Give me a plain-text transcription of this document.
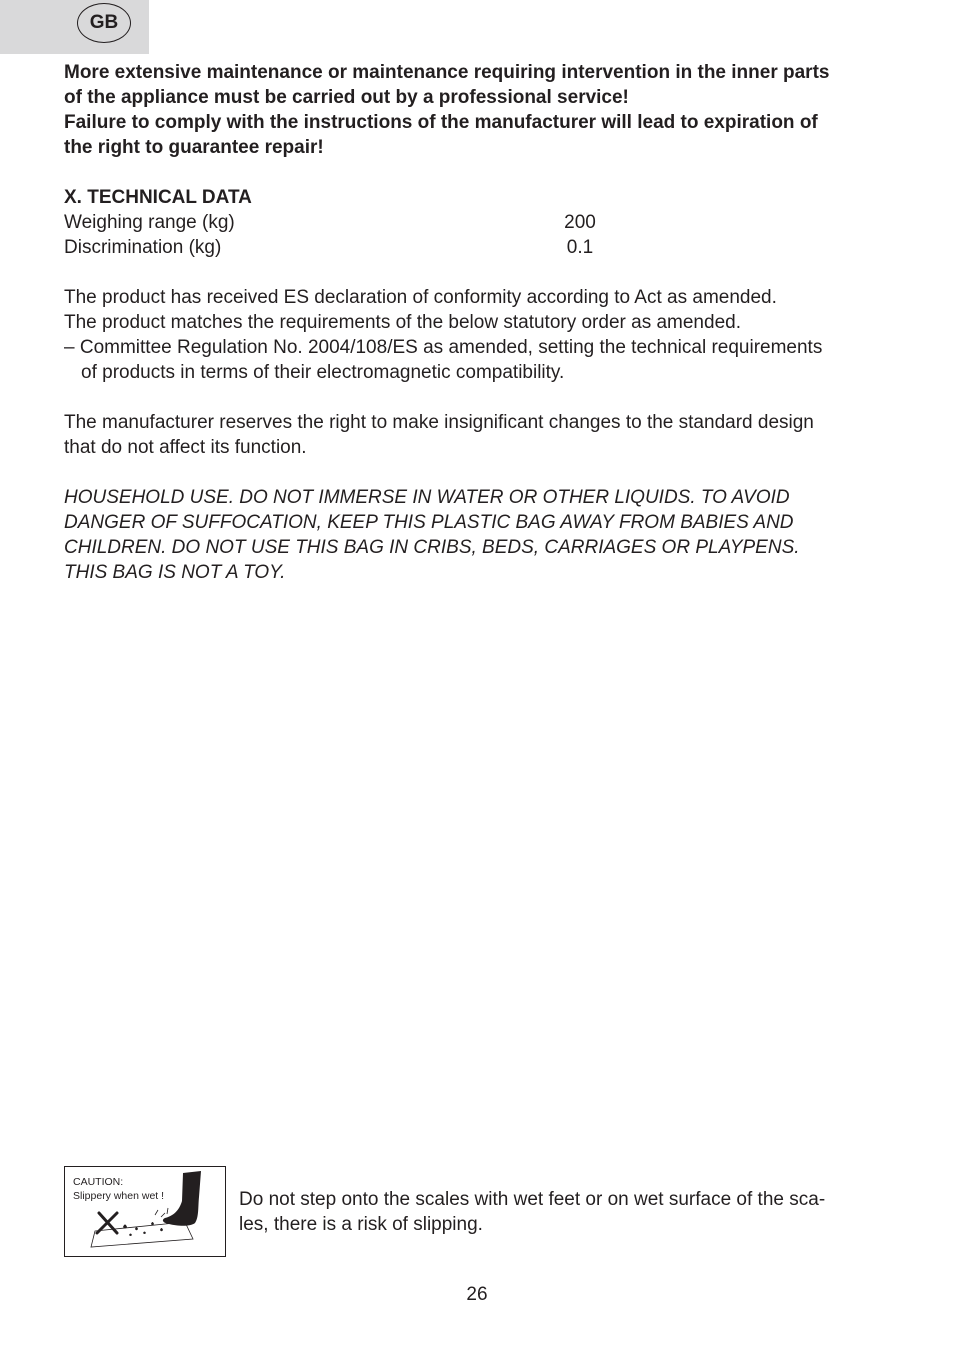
GB

More extensive maintenance or maintenance requiring intervention in the inner parts

of the appliance must be carried out by a professional service!

Failure to comply with the instructions of the manufacturer will lead to expiration of

the right to guarantee repair!

X. TECHNICAL DATA

Weighing range (kg)	200
Discrimination (kg)	0.1

The product has received ES declaration of conformity according to Act as amended.

The product matches the requirements of the below statutory order as amended.

– Committee Regulation No. 2004/108/ES as amended, setting the technical requirements

of products in terms of their electromagnetic compatibility.

The manufacturer reserves the right to make insignificant changes to the standard design

that do not affect its function.

HOUSEHOLD USE. DO NOT IMMERSE IN WATER OR OTHER LIQUIDS. TO AVOID

DANGER OF SUFFOCATION, KEEP THIS PLASTIC BAG AWAY FROM BABIES AND

CHILDREN. DO NOT USE THIS BAG IN CRIBS, BEDS, CARRIAGES OR PLAYPENS.

THIS BAG IS NOT A TOY.

CAUTION:
Slippery when wet !	Do not step onto the scales with wet feet or on wet surface of the sca-

les, there is a risk of slipping.

26
